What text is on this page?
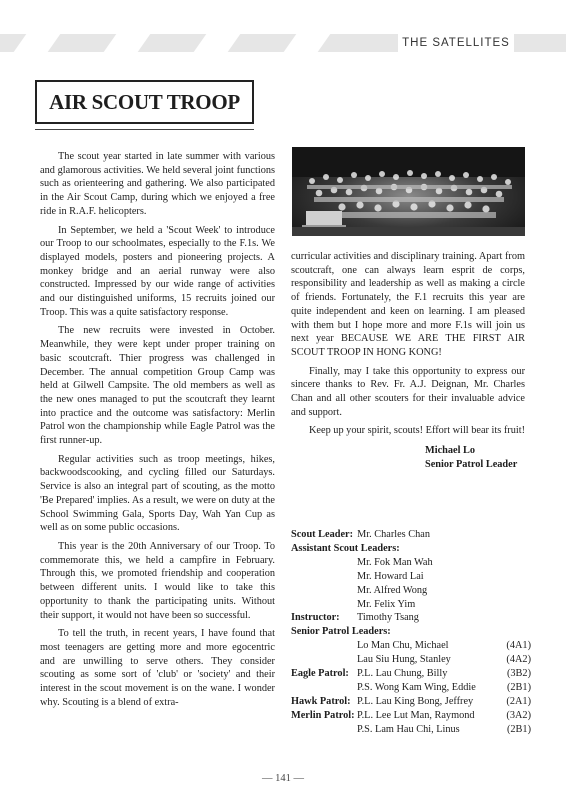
THE SATELLITES
AIR SCOUT TROOP

The scout year started in late summer with various and glamorous activities. We held several joint functions such as orienteering and gathering. We also participated in the Air Scout Camp, during which we enjoyed a free ride in R.A.F. helicopters.

In September, we held a 'Scout Week' to introduce our Troop to our schoolmates, especially to the F.1s. We displayed models, posters and pioneering projects. A monkey bridge and an aerial runway were also constructed. Impressed by our wide range of activities and our distinguished uniforms, 15 recruits joined our Troop. This was a quite satisfactory response.

The new recruits were invested in October. Meanwhile, they were kept under proper training on basic scoutcraft. Thier progress was challenged in December. The annual competition Group Camp was held at Gilwell Campsite. The old members as well as the new ones managed to put the scoutcraft they learnt into practice and the outcome was satisfactory: Merlin Patrol won the championship while Eagle Patrol was the first runner-up.

Regular activities such as troop meetings, hikes, backwoodscooking, and cycling filled our Saturdays. Service is also an integral part of scouting, as the motto 'Be Prepared' implies. As a result, we were on duty at the School Swimming Gala, Sports Day, Wah Yan Cup as well as on some public occasions.

This year is the 20th Anniversary of our Troop. To commemorate this, we held a campfire in February. Through this, we promoted friendship and cooperation between different units. I would like to take this opportunity to thank the participating units. Without their support, it would not have been so successful.

To tell the truth, in recent years, I have found that most teenagers are getting more and more egocentric and are unwilling to serve others. They consider scouting as some sort of 'club' or 'society' and their interest in the scout movement is on the wane. I wonder why. Scouting is a blend of extra-

curricular activities and disciplinary training. Apart from scoutcraft, one can always learn esprit de corps, responsibility and leadership as well as making a circle of friends. Fortunately, the F.1 recruits this year are quite independent and keen on learning. I am pleased with them but I hope more and more F.1s will join us next year BECAUSE WE ARE THE FIRST AIR SCOUT TROOP IN HONG KONG!

Finally, may I take this opportunity to express our sincere thanks to Rev. Fr. A.J. Deignan, Mr. Charles Chan and all other scouters for their invaluable advice and support.

Keep up your spirit, scouts! Effort will bear its fruit!

Michael Lo
Senior Patrol Leader
Scout Leader: Mr. Charles Chan
Assistant Scout Leaders:
Mr. Fok Man Wah
Mr. Howard Lai
Mr. Alfred Wong
Mr. Felix Yim
Instructor:	Timothy Tsang
Senior Patrol Leaders:
Lo Man Chu, Michael	(4A1)
Lau Siu Hung, Stanley	(4A2)
Eagle Patrol: P.L. Lau Chung, Billy	(3B2)
P.S. Wong Kam Wing, Eddie	(2B1)
Hawk Patrol: P.L. Lau King Bong, Jeffrey	(2A1)
Merlin Patrol: P.L. Lee Lut Man, Raymond	(3A2)
P.S. Lam Hau Chi, Linus	(2B1)
— 141 —
